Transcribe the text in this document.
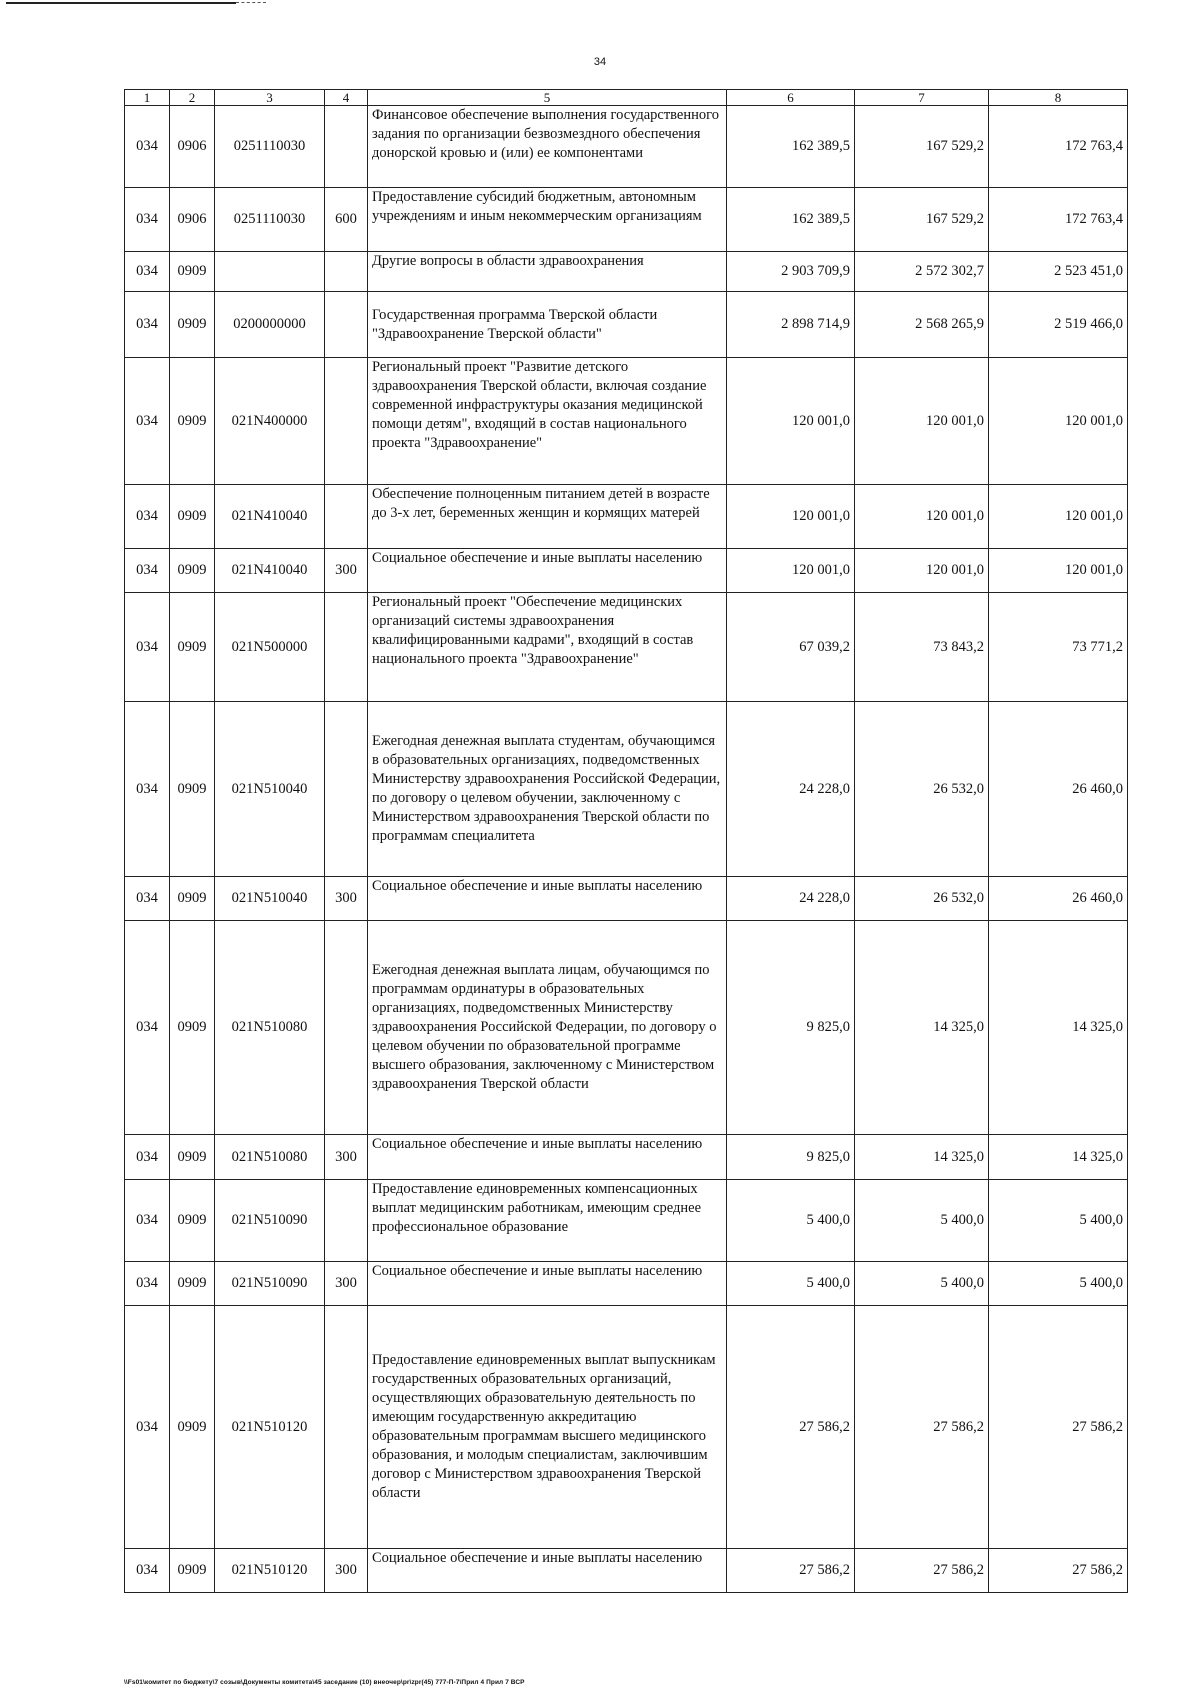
34
1	2	3	4	5	6	7	8
034	0906	0251110030		Финансовое обеспечение выполнения государственного задания по организации безвозмездного обеспечения донорской кровью и (или) ее компонентами	162 389,5	167 529,2	172 763,4
034	0906	0251110030	600	Предоставление субсидий бюджетным, автономным учреждениям и иным некоммерческим организациям	162 389,5	167 529,2	172 763,4
034	0909			Другие вопросы в области здравоохранения	2 903 709,9	2 572 302,7	2 523 451,0
034	0909	0200000000		Государственная программа Тверской области "Здравоохранение Тверской области"	2 898 714,9	2 568 265,9	2 519 466,0
034	0909	021N400000		Региональный проект "Развитие детского здравоохранения Тверской области, включая создание современной инфраструктуры оказания медицинской помощи детям", входящий в состав национального проекта "Здравоохранение"	120 001,0	120 001,0	120 001,0
034	0909	021N410040		Обеспечение полноценным питанием детей в возрасте до 3-х лет, беременных женщин и кормящих матерей	120 001,0	120 001,0	120 001,0
034	0909	021N410040	300	Социальное обеспечение и иные выплаты населению	120 001,0	120 001,0	120 001,0
034	0909	021N500000		Региональный проект "Обеспечение медицинских организаций системы здравоохранения квалифицированными кадрами", входящий в состав национального проекта "Здравоохранение"	67 039,2	73 843,2	73 771,2
034	0909	021N510040		Ежегодная денежная выплата студентам, обучающимся в образовательных организациях, подведомственных Министерству здравоохранения Российской Федерации, по договору о целевом обучении, заключенному с Министерством здравоохранения Тверской области по программам специалитета	24 228,0	26 532,0	26 460,0
034	0909	021N510040	300	Социальное обеспечение и иные выплаты населению	24 228,0	26 532,0	26 460,0
034	0909	021N510080		Ежегодная денежная выплата лицам, обучающимся по программам ординатуры в образовательных организациях, подведомственных Министерству здравоохранения Российской Федерации, по договору о целевом обучении по образовательной программе высшего образования, заключенному с Министерством здравоохранения Тверской области	9 825,0	14 325,0	14 325,0
034	0909	021N510080	300	Социальное обеспечение и иные выплаты населению	9 825,0	14 325,0	14 325,0
034	0909	021N510090		Предоставление единовременных компенсационных выплат медицинским работникам, имеющим среднее профессиональное образование	5 400,0	5 400,0	5 400,0
034	0909	021N510090	300	Социальное обеспечение и иные выплаты населению	5 400,0	5 400,0	5 400,0
034	0909	021N510120		Предоставление единовременных выплат выпускникам государственных образовательных организаций, осуществляющих образовательную деятельность по имеющим государственную аккредитацию образовательным программам высшего медицинского образования, и молодым специалистам, заключившим договор с Министерством здравоохранения Тверской области	27 586,2	27 586,2	27 586,2
034	0909	021N510120	300	Социальное обеспечение и иные выплаты населению	27 586,2	27 586,2	27 586,2
\\Fs01\комитет по бюджету\7 созыв\Документы комитета\45 заседание (10) внеочер\pr\zpr(45) 777-П-7\Прил 4 Прил 7 ВСР
